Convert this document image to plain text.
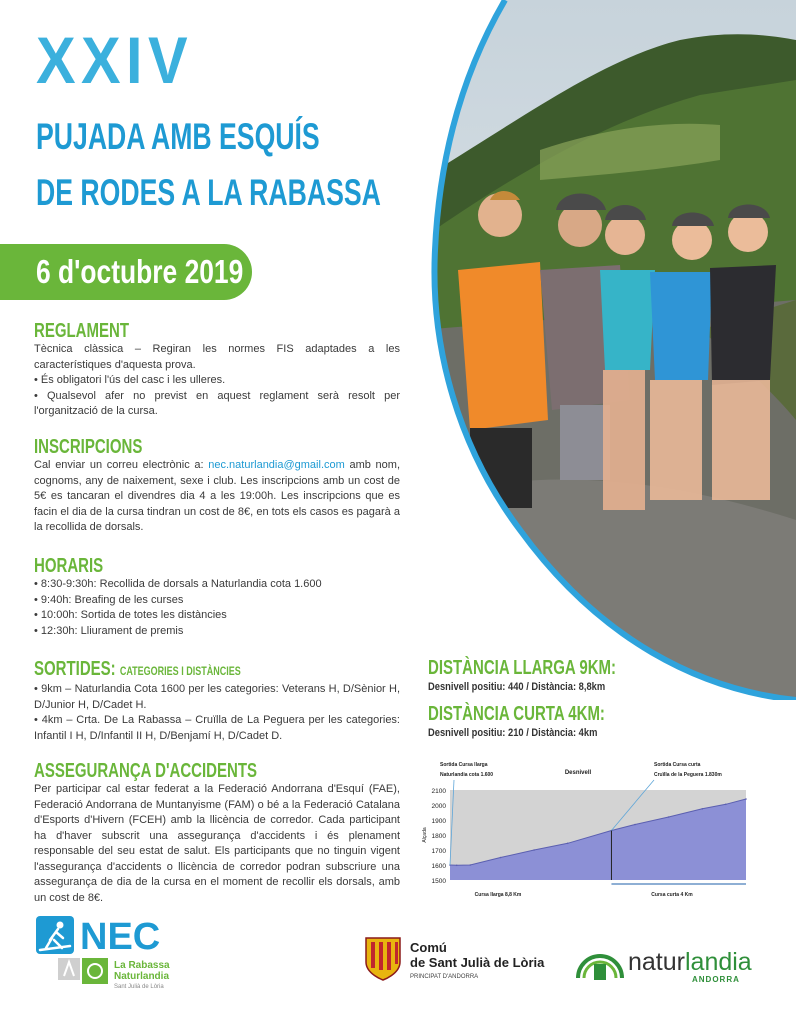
XXIV
PUJADA AMB ESQUÍS
DE RODES A LA RABASSA
6 d'octubre 2019
REGLAMENT

Tècnica clàssica – Regiran les normes FIS adaptades a les característiques d'aquesta prova.

• És obligatori l'ús del casc i les ulleres.

• Qualsevol afer no previst en aquest reglament serà resolt per l'organització de la cursa.

INSCRIPCIONS
Cal enviar un correu electrònic a: nec.naturlandia@gmail.com amb nom, cognoms, any de naixement, sexe i club. Les inscripcions amb un cost de 5€ es tancaran el divendres dia 4 a les 19:00h. Les inscripcions que es facin el dia de la cursa tindran un cost de 8€, en tots els casos es pagarà a la recollida de dorsals.
HORARIS

• 8:30-9:30h: Recollida de dorsals a Naturlandia cota 1.600

• 9:40h: Breafing de les curses

• 10:00h: Sortida de totes les distàncies

• 12:30h: Lliurament de premis

SORTIDES: CATEGORIES I DISTÀNCIES

• 9km – Naturlandia Cota 1600 per les categories: Veterans H, D/Sènior H, D/Junior H, D/Cadet H.

• 4km – Crta. De La Rabassa – Cruïlla de La Peguera per les categories: Infantil I H, D/Infantil II H, D/Benjamí H, D/Cadet D.

ASSEGURANÇA D'ACCIDENTS
Per participar cal estar federat a la Federació Andorrana d'Esquí (FAE), Federació Andorrana de Muntanyisme (FAM) o bé a la Federació Catalana d'Esports d'Hivern (FCEH) amb la llicència de corredor. Cada participant ha d'haver subscrit una assegurança d'accidents i és plenament responsable del seu estat de salut. Els participants que no tinguin vigent l'assegurança d'accidents o llicència de corredor podran subscriure una assegurança de dia de la cursa en el moment de recollir els dorsals, amb un cost de 8€.
DISTÀNCIA LLARGA 9KM:
Desnivell positiu: 440 / Distància: 8,8km
DISTÀNCIA CURTA 4KM:
Desnivell positiu: 210 / Distància: 4km
1500
1600
1700
1800
1900
2000
2100
Alçada
Desnivell
Sortida Cursa llarga
Naturlandia cota 1.600
Sortida Cursa curta
Cruïlla de la Peguera 1.830m
Cursa llarga 8,8 Km	Cursa curta 4 Km
NEC
La Rabassa
Naturlandia
Sant Julià de Lòria
Comú
de Sant Julià de Lòria
PRINCIPAT D'ANDORRA
naturlandia
ANDORRA
